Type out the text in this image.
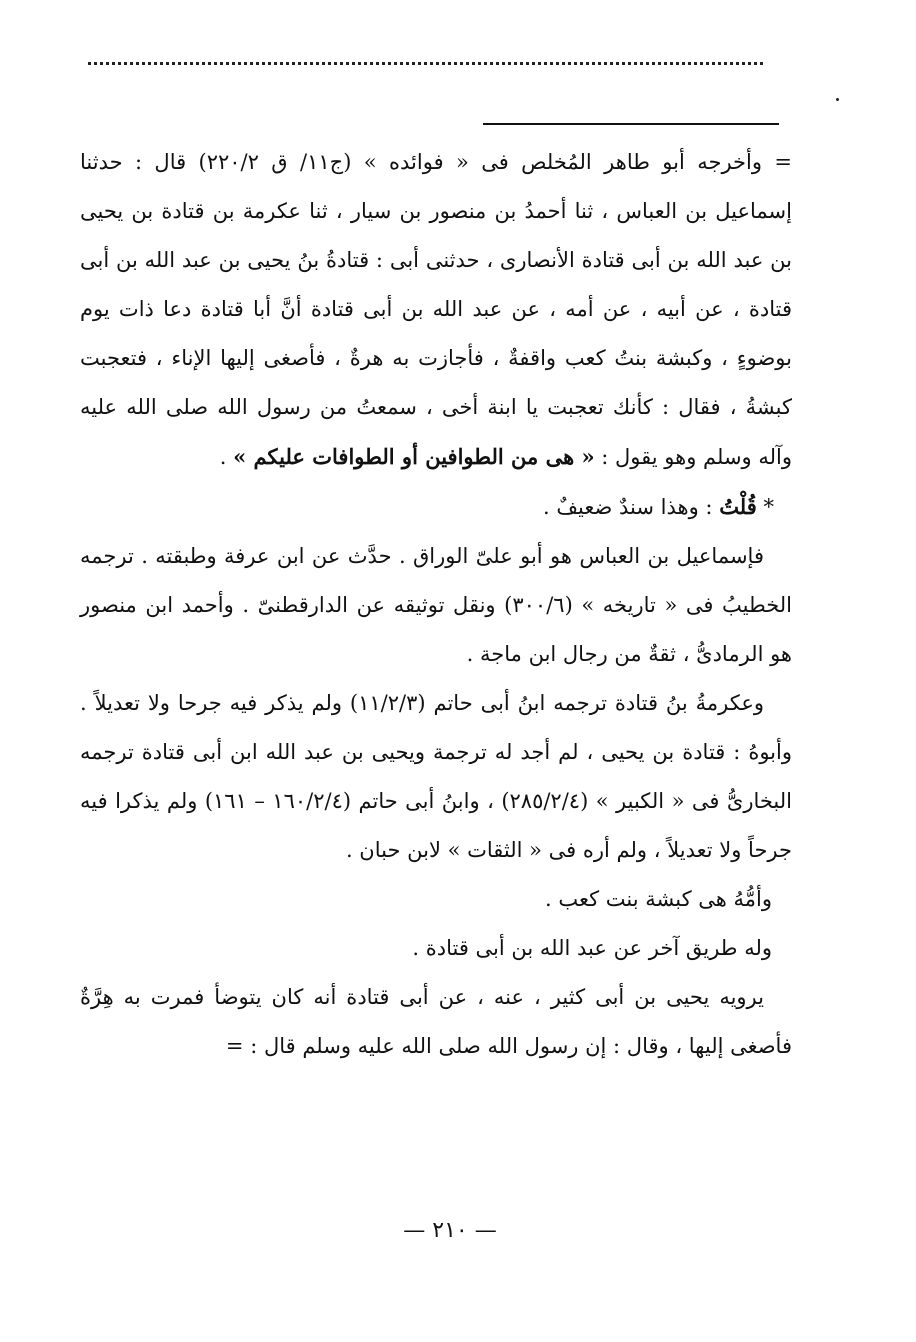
= وأخرجه أبو طاهر المُخلص فى « فوائده » (ج١١/ ق ٢٢٠/٢) قال : حدثنا إسماعيل بن العباس ، ثنا أحمدُ بن منصور بن سيار ، ثنا عكرمة بن قتادة بن يحيى بن عبد الله بن أبى قتادة الأنصارى ، حدثنى أبى : قتادةُ بنُ يحيى بن عبد الله بن أبى قتادة ، عن أبيه ، عن أمه ، عن عبد الله بن أبى قتادة أنَّ أبا قتادة دعا ذات يوم بوضوءٍ ، وكبشة بنتُ كعب واقفةٌ ، فأجازت به هرةٌ ، فأصغى إليها الإناء ، فتعجبت كبشةُ ، فقال : كأنك تعجبت يا ابنة أخى ، سمعتُ من رسول الله صلى الله عليه وآله وسلم وهو يقول : « هى من الطوافين أو الطوافات عليكم » .

* قُلْتُ : وهذا سندٌ ضعيفٌ .

فإسماعيل بن العباس هو أبو علىّ الوراق . حدَّث عن ابن عرفة وطبقته . ترجمه الخطيبُ فى « تاريخه » (٣٠٠/٦) ونقل توثيقه عن الدارقطنىّ . وأحمد ابن منصور هو الرمادىُّ ، ثقةٌ من رجال ابن ماجة .

وعكرمةُ بنُ قتادة ترجمه ابنُ أبى حاتم (١١/٢/٣) ولم يذكر فيه جرحا ولا تعديلاً . وأبوهُ : قتادة بن يحيى ، لم أجد له ترجمة ويحيى بن عبد الله ابن أبى قتادة ترجمه البخارىُّ فى « الكبير » (٢٨٥/٢/٤) ، وابنُ أبى حاتم (١٦٠/٢/٤ – ١٦١) ولم يذكرا فيه جرحاً ولا تعديلاً ، ولم أره فى « الثقات » لابن حبان .

وأمُّهُ هى كبشة بنت كعب .

وله طريق آخر عن عبد الله بن أبى قتادة .

يرويه يحيى بن أبى كثير ، عنه ، عن أبى قتادة أنه كان يتوضأ فمرت به هِرَّةٌ فأصغى إليها ، وقال : إن رسول الله صلى الله عليه وسلم قال : =

— ٢١٠ —
